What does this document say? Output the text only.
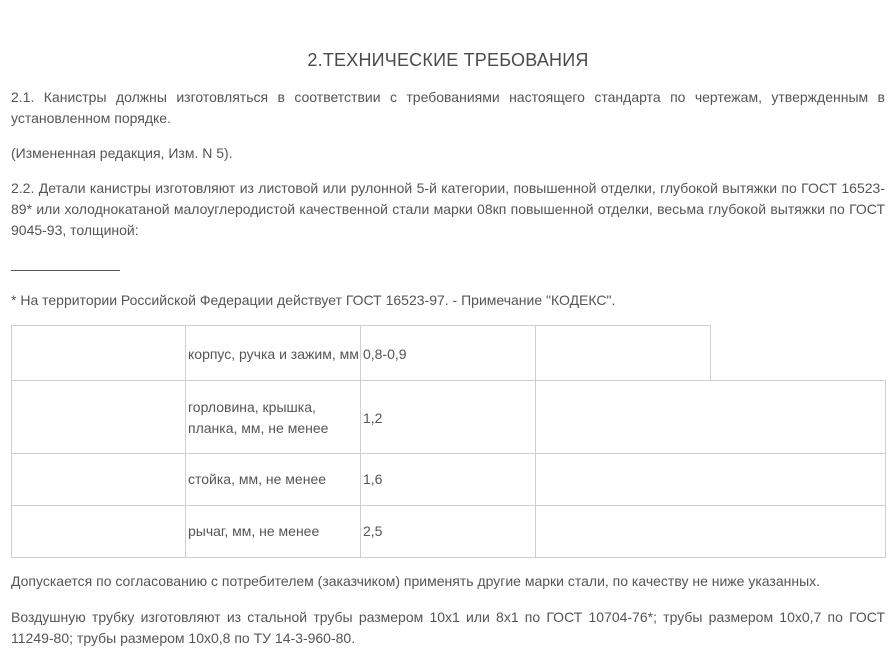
2.ТЕХНИЧЕСКИЕ ТРЕБОВАНИЯ

2.1. Канистры должны изготовляться в соответствии с требованиями настоящего стандарта по чертежам, утвержденным в установленном порядке.

(Измененная редакция, Изм. N 5).

2.2. Детали канистры изготовляют из листовой или рулонной 5-й категории, повышенной отделки, глубокой вытяжки по ГОСТ 16523-89* или холоднокатаной малоуглеродистой качественной стали марки 08кп повышенной отделки, весьма глубокой вытяжки по ГОСТ 9045-93, толщиной:

* На территории Российской Федерации действует ГОСТ 16523-97. - Примечание "КОДЕКС".
корпус, ручка и зажим, мм 0,8-0,9
горловина, крышка, планка, мм, не менее
1,2
стойка, мм, не менее	1,6
рычаг, мм, не менее	2,5

Допускается по согласованию с потребителем (заказчиком) применять другие марки стали, по качеству не ниже указанных.

Воздушную трубку изготовляют из стальной трубы размером 10х1 или 8х1 по ГОСТ 10704-76*; трубы размером 10х0,7 по ГОСТ 11249-80; трубы размером 10х0,8 по ТУ 14-3-960-80.
